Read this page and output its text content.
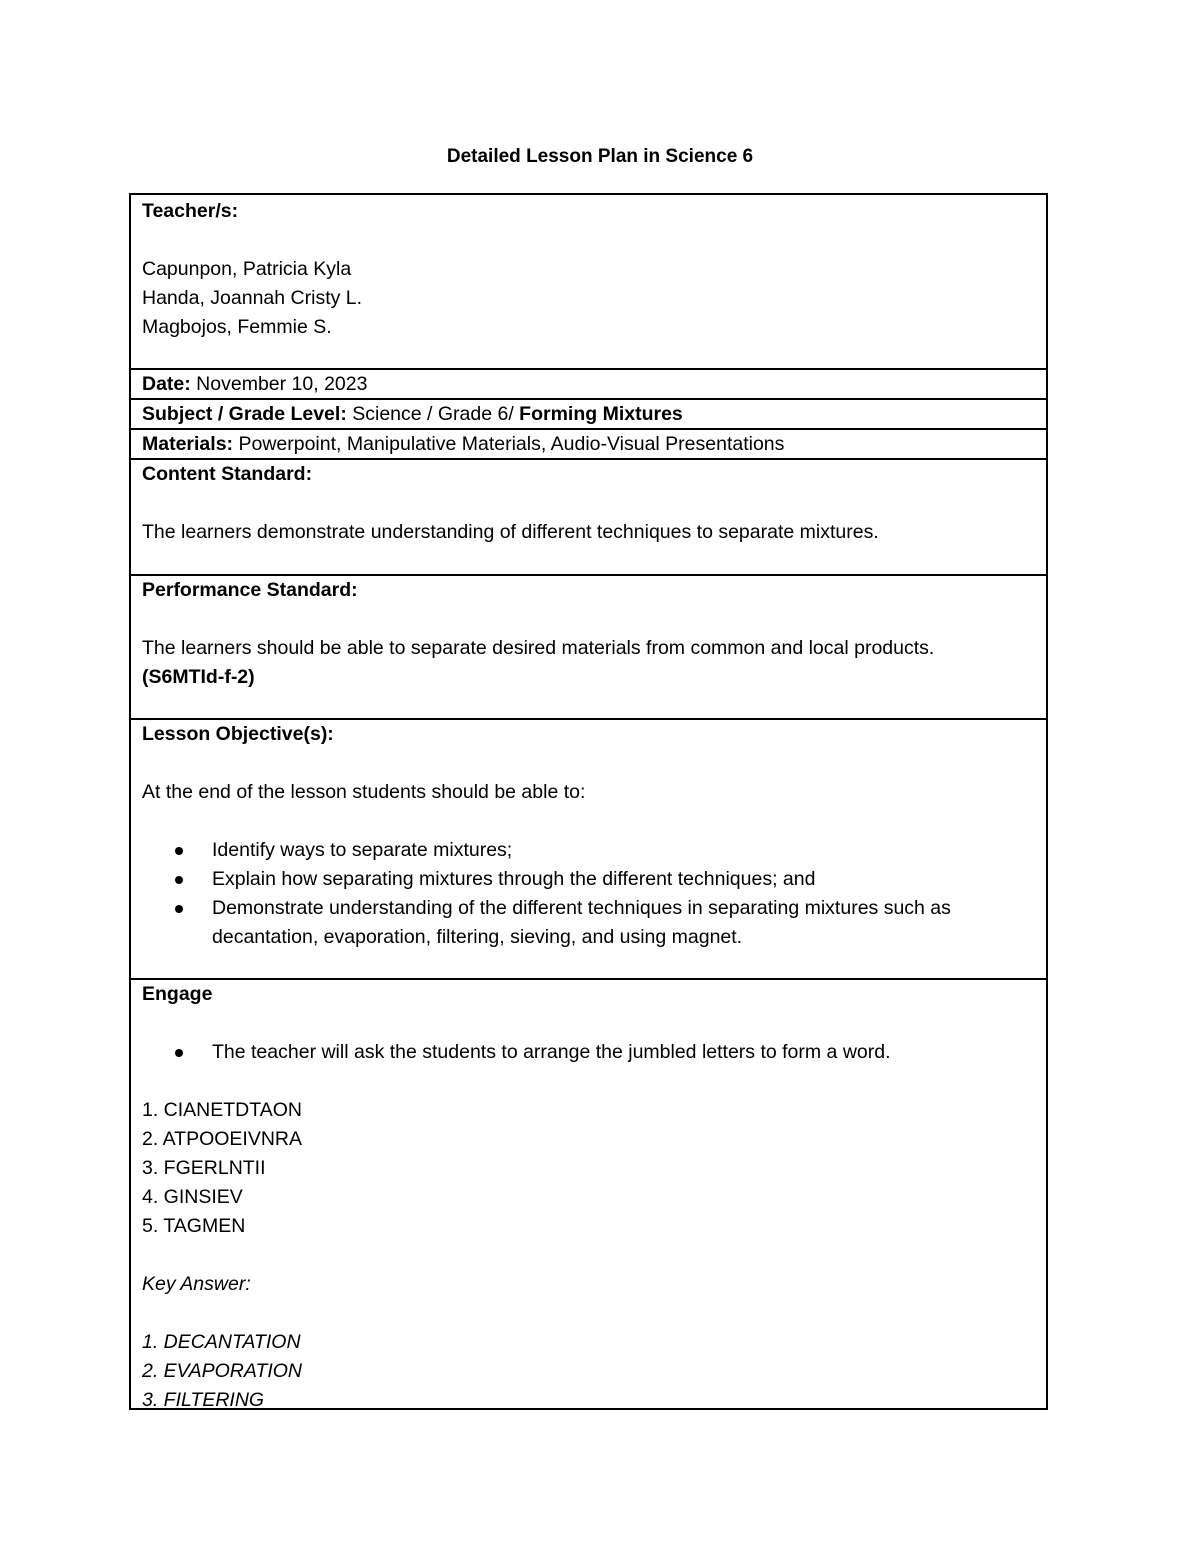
Detailed Lesson Plan in Science 6
Teacher/s:
Capunpon, Patricia Kyla
Handa, Joannah Cristy L.
Magbojos, Femmie S.
Date: November 10, 2023
Subject / Grade Level: Science / Grade 6/ Forming Mixtures
Materials: Powerpoint, Manipulative Materials, Audio-Visual Presentations
Content Standard:
The learners demonstrate understanding of different techniques to separate mixtures.
Performance Standard:
The learners should be able to separate desired materials from common and local products.
(S6MTId-f-2)
Lesson Objective(s):
At the end of the lesson students should be able to:
Identify ways to separate mixtures;
Explain how separating mixtures through the different techniques; and
Demonstrate understanding of the different techniques in separating mixtures such as
decantation, evaporation, filtering, sieving, and using magnet.
Engage
The teacher will ask the students to arrange the jumbled letters to form a word.
1. CIANETDTAON
2. ATPOOEIVNRA
3. FGERLNTII
4. GINSIEV
5. TAGMEN
Key Answer:
1. DECANTATION
2. EVAPORATION
3. FILTERING
